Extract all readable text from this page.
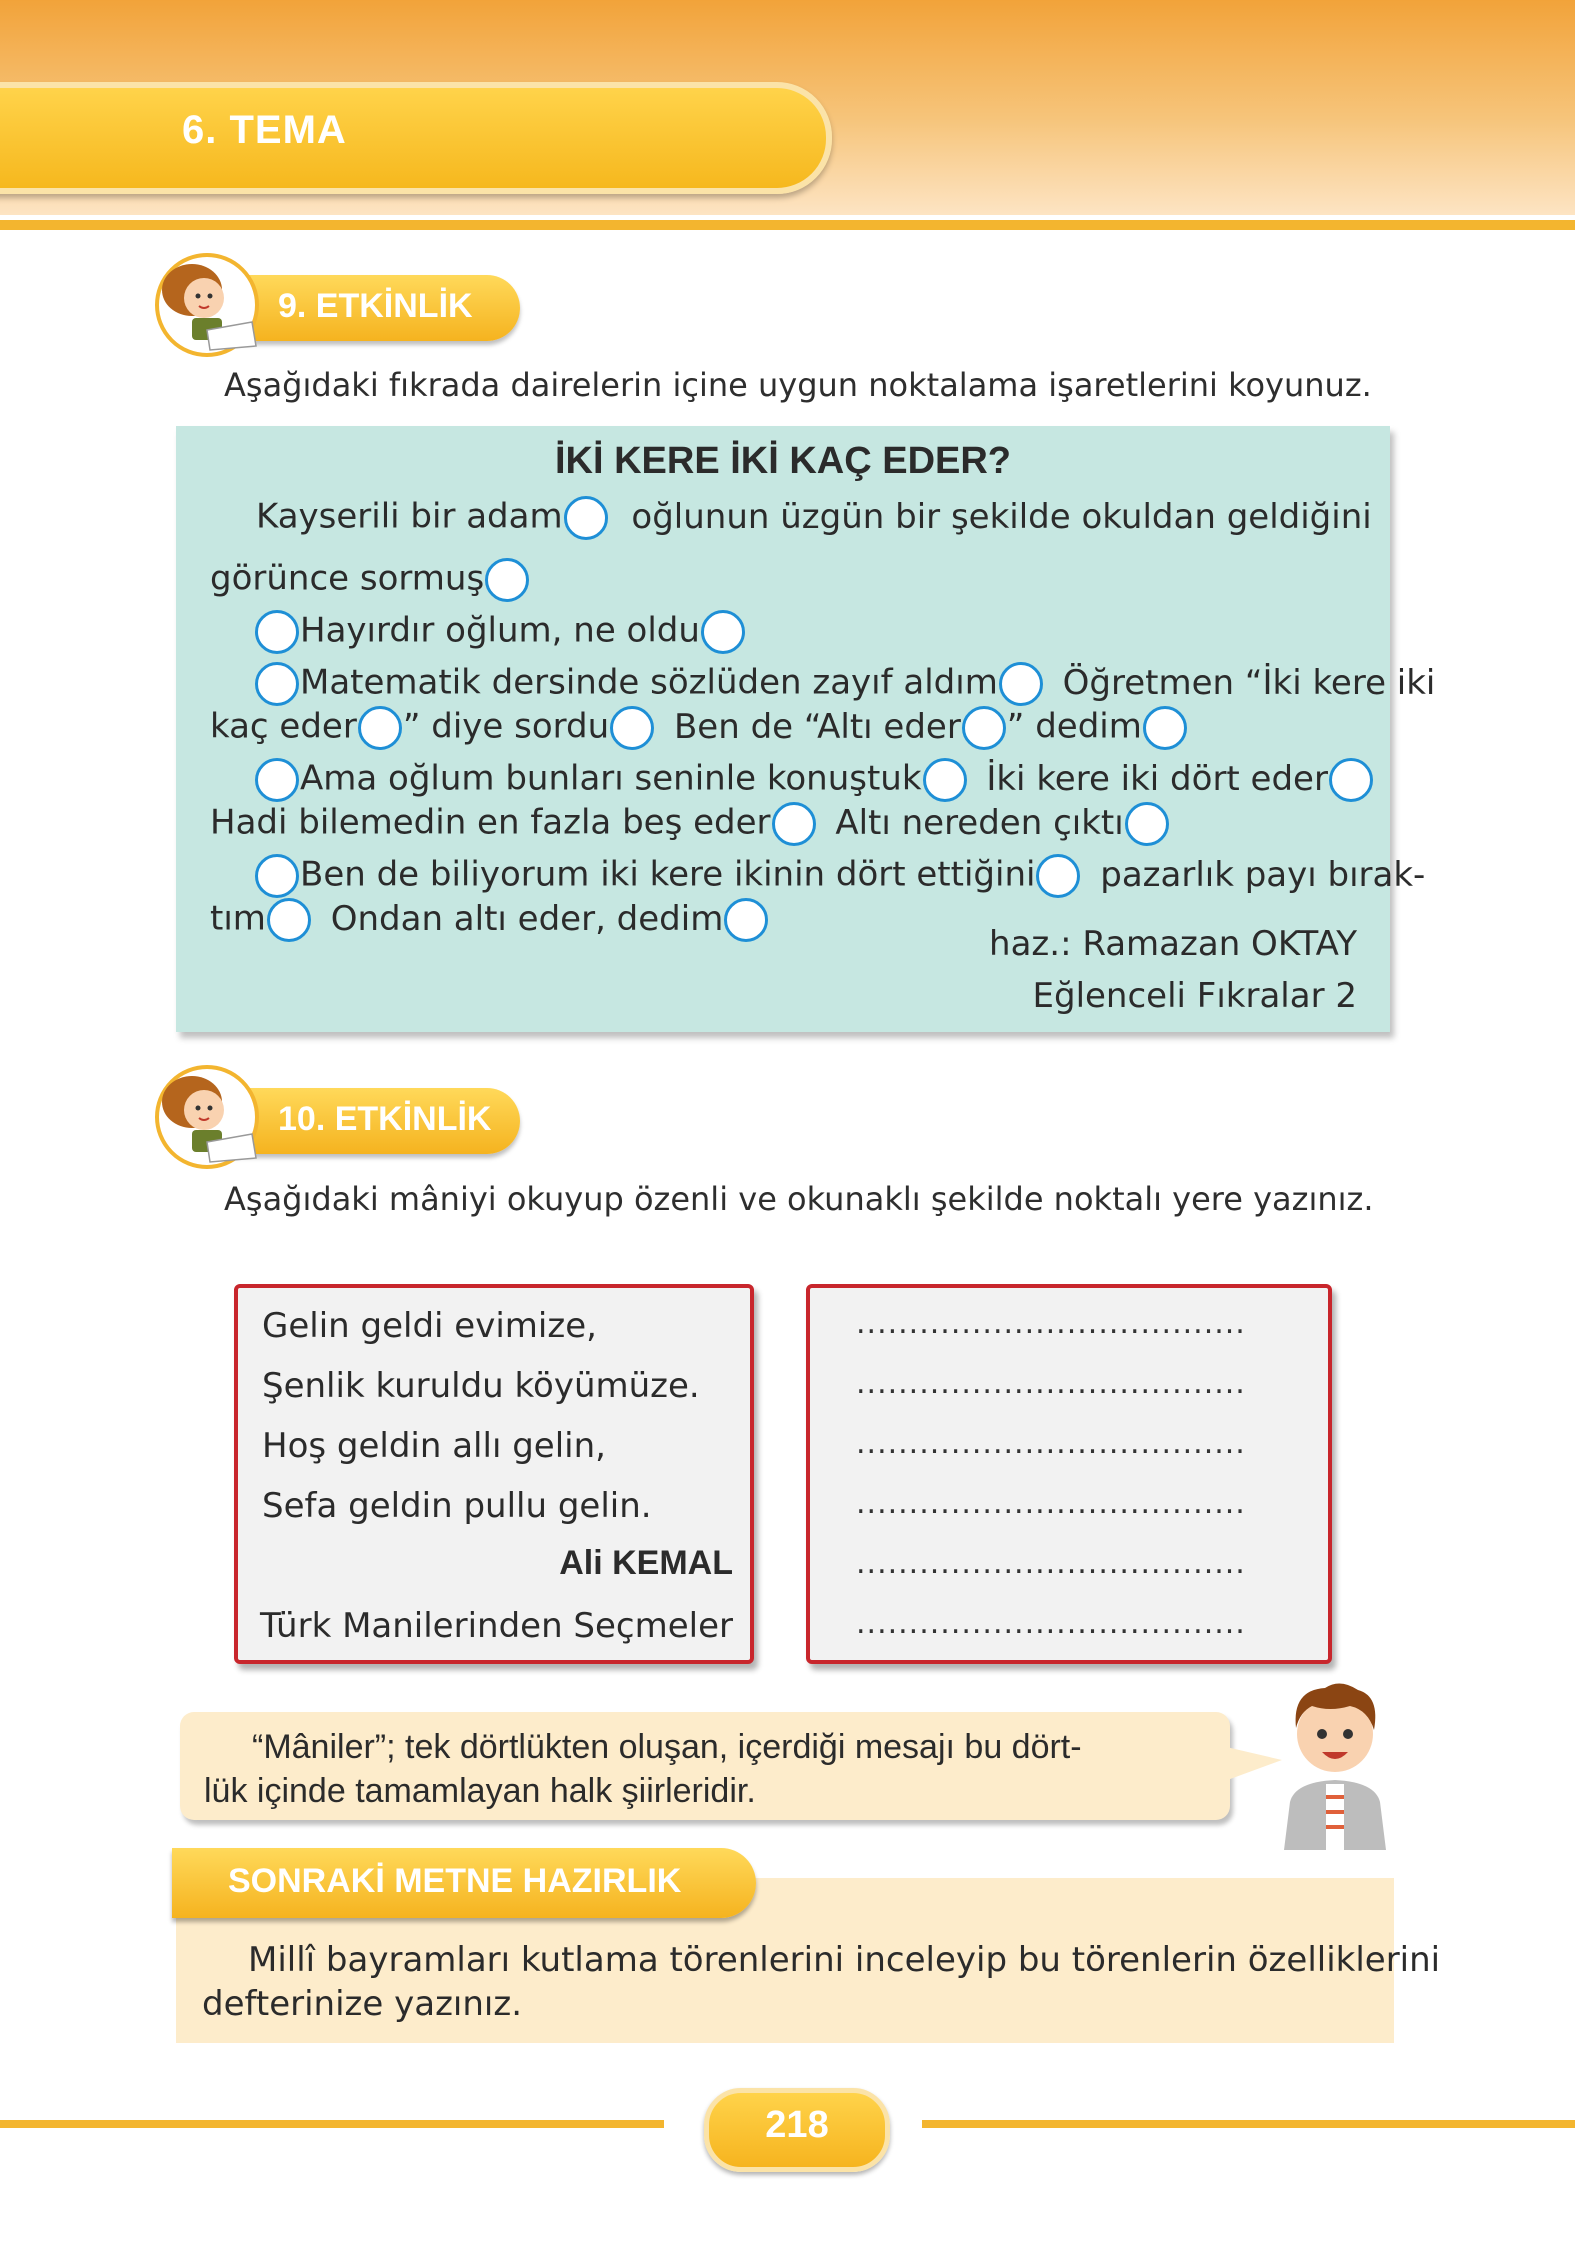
6. TEMA
9. ETKİNLİK
Aşağıdaki fıkrada dairelerin içine uygun noktalama işaretlerini koyunuz.
İKİ KERE İKİ KAÇ EDER?
Kayserili bir adam oğlunun üzgün bir şekilde okuldan geldiğini
görünce sormuş
Hayırdır oğlum, ne oldu
Matematik dersinde sözlüden zayıf aldım Öğretmen “İki kere iki
kaç eder ” diye sordu Ben de “Altı eder ” dedim
Ama oğlum bunları seninle konuştuk İki kere iki dört eder
Hadi bilemedin en fazla beş eder Altı nereden çıktı
Ben de biliyorum iki kere ikinin dört ettiğini pazarlık payı bırak-
tım Ondan altı eder, dedim
haz.: Ramazan OKTAY
Eğlenceli Fıkralar 2
10. ETKİNLİK
Aşağıdaki mâniyi okuyup özenli ve okunaklı şekilde noktalı yere yazınız.
Gelin geldi evimize,
Şenlik kuruldu köyümüze.
Hoş geldin allı gelin,
Sefa geldin pullu gelin.
Ali KEMAL
Türk Manilerinden Seçmeler
.....................................
.....................................
.....................................
.....................................
.....................................
.....................................
“Mâniler”; tek dörtlükten oluşan, içerdiği mesajı bu dört-
lük içinde tamamlayan halk şiirleridir.
SONRAKİ METNE HAZIRLIK
Millî bayramları kutlama törenlerini inceleyip bu törenlerin özelliklerini
defterinize yazınız.
218
